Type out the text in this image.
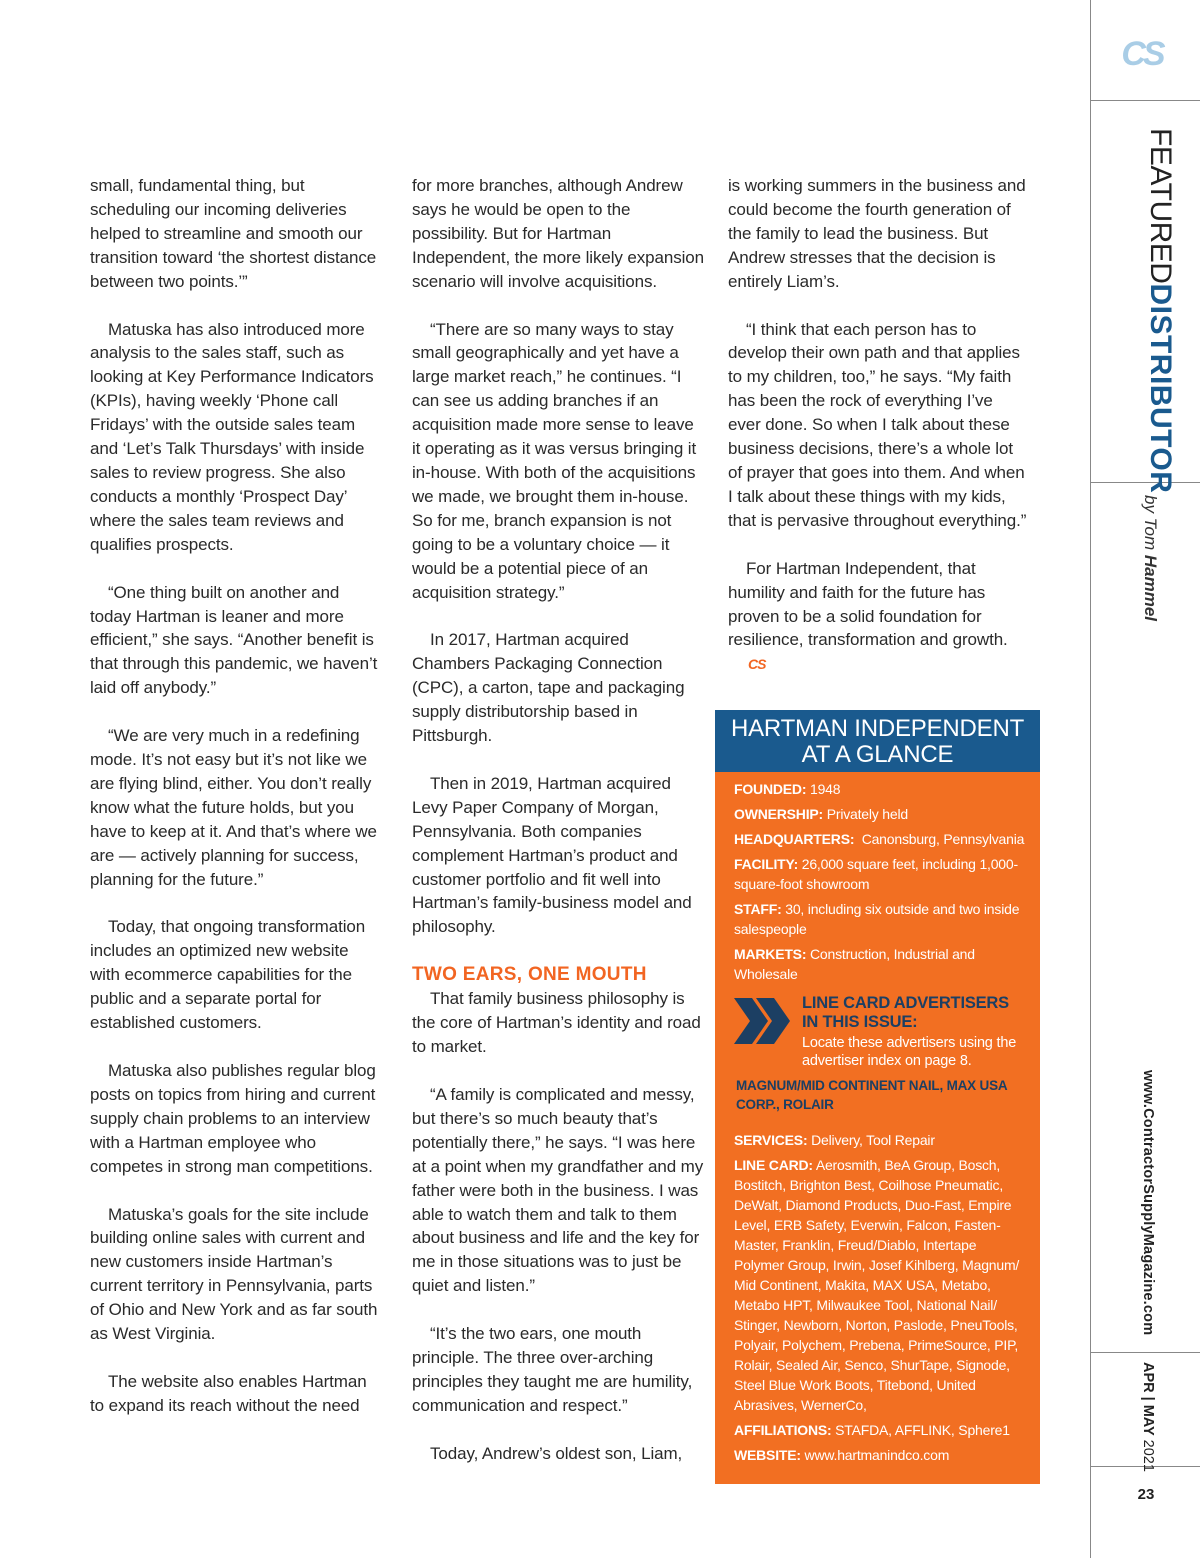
small, fundamental thing, but scheduling our incoming deliveries helped to streamline and smooth our transition toward ‘the shortest distance between two points.’”

Matuska has also introduced more analysis to the sales staff, such as looking at Key Performance Indicators (KPIs), having weekly ‘Phone call Fridays’ with the outside sales team and ‘Let’s Talk Thursdays’ with inside sales to review progress. She also conducts a monthly ‘Prospect Day’ where the sales team reviews and qualifies prospects.

“One thing built on another and today Hartman is leaner and more efficient,” she says. “Another benefit is that through this pandemic, we haven’t laid off anybody.”

“We are very much in a redefining mode. It’s not easy but it’s not like we are flying blind, either. You don’t really know what the future holds, but you have to keep at it. And that’s where we are — actively planning for success, planning for the future.”

Today, that ongoing transformation includes an optimized new website with ecommerce capabilities for the public and a separate portal for established customers.

Matuska also publishes regular blog posts on topics from hiring and current supply chain problems to an interview with a Hartman employee who competes in strong man competitions.

Matuska’s goals for the site include building online sales with current and new customers inside Hartman’s current territory in Pennsylvania, parts of Ohio and New York and as far south as West Virginia.

The website also enables Hartman to expand its reach without the need

for more branches, although Andrew says he would be open to the possibility. But for Hartman Independent, the more likely expansion scenario will involve acquisitions.

“There are so many ways to stay small geographically and yet have a large market reach,” he continues. “I can see us adding branches if an acquisition made more sense to leave it operating as it was versus bringing it in-house. With both of the acquisitions we made, we brought them in-house. So for me, branch expansion is not going to be a voluntary choice — it would be a potential piece of an acquisition strategy.”

In 2017, Hartman acquired Chambers Packaging Connection (CPC), a carton, tape and packaging supply distributorship based in Pittsburgh.

Then in 2019, Hartman acquired Levy Paper Company of Morgan, Pennsylvania. Both companies complement Hartman’s product and customer portfolio and fit well into Hartman’s family-business model and philosophy.

TWO EARS, ONE MOUTH

That family business philosophy is the core of Hartman’s identity and road to market.

“A family is complicated and messy, but there’s so much beauty that’s potentially there,” he says. “I was here at a point when my grandfather and my father were both in the business. I was able to watch them and talk to them about business and life and the key for me in those situations was to just be quiet and listen.”

“It’s the two ears, one mouth principle. The three over-arching principles they taught me are humility, communication and respect.”

Today, Andrew’s oldest son, Liam,

is working summers in the business and could become the fourth generation of the family to lead the business. But Andrew stresses that the decision is entirely Liam’s.

“I think that each person has to develop their own path and that applies to my children, too,” he says. “My faith has been the rock of everything I’ve ever done. So when I talk about these business decisions, there’s a whole lot of prayer that goes into them. And when I talk about these things with my kids, that is pervasive throughout everything.”

For Hartman Independent, that humility and faith for the future has proven to be a solid foundation for resilience, transformation and growth. CS

HARTMAN INDEPENDENT AT A GLANCE
FOUNDED: 1948
OWNERSHIP: Privately held
HEADQUARTERS: Canonsburg, Pennsylvania
FACILITY: 26,000 square feet, including 1,000-square-foot showroom
STAFF: 30, including six outside and two inside salespeople
MARKETS: Construction, Industrial and Wholesale
LINE CARD ADVERTISERS IN THIS ISSUE:
Locate these advertisers using the advertiser index on page 8.
MAGNUM/MID CONTINENT NAIL, MAX USA CORP., ROLAIR
SERVICES: Delivery, Tool Repair
LINE CARD: Aerosmith, BeA Group, Bosch, Bostitch, Brighton Best, Coilhose Pneumatic, DeWalt, Diamond Products, Duo-Fast, Empire Level, ERB Safety, Everwin, Falcon, Fasten-Master, Franklin, Freud/Diablo, Intertape Polymer Group, Irwin, Josef Kihlberg, Magnum/ Mid Continent, Makita, MAX USA, Metabo, Metabo HPT, Milwaukee Tool, National Nail/ Stinger, Newborn, Norton, Paslode, PneuTools, Polyair, Polychem, Prebena, PrimeSource, PIP, Rolair, Sealed Air, Senco, ShurTape, Signode, Steel Blue Work Boots, Titebond, United Abrasives, WernerCo,
AFFILIATIONS: STAFDA, AFFLINK, Sphere1
WEBSITE: www.hartmanindco.com
CS
FEATUREDDISTRIBUTOR
by Tom Hammel
www.ContractorSupplyMagazine.com
APR | MAY 2021
23
